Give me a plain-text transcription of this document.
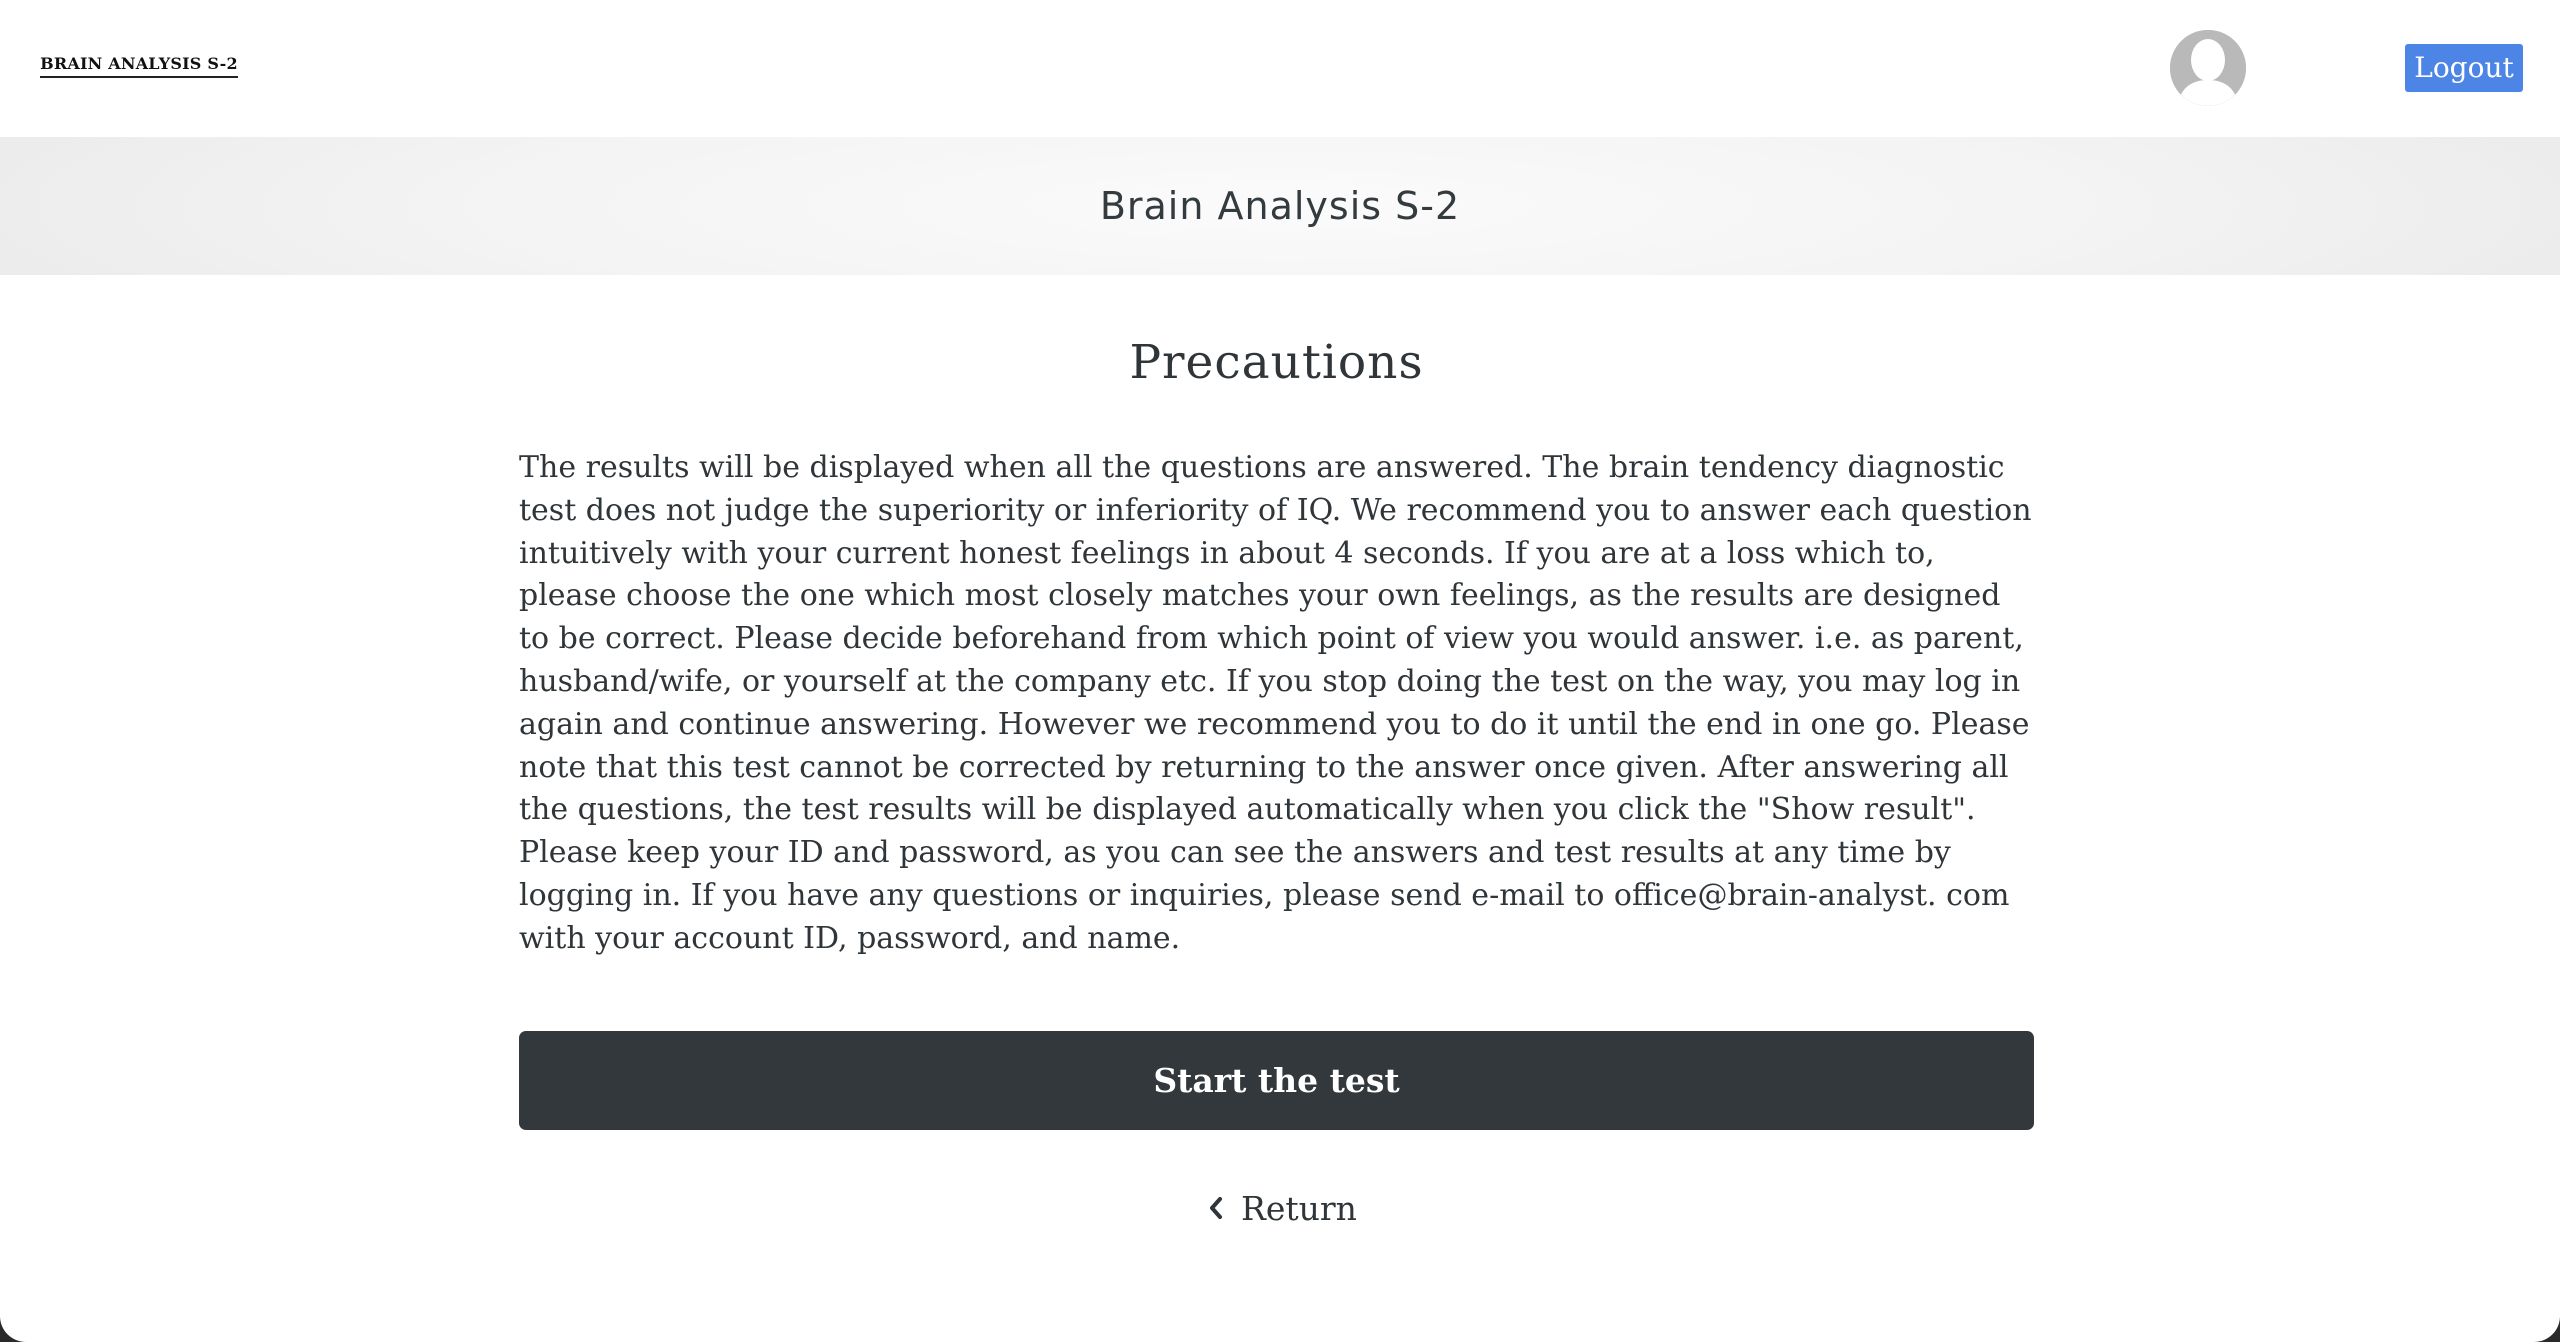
BRAIN ANALYSIS S-2	Logout
Brain Analysis S-2
Precautions

The results will be displayed when all the questions are answered. The brain tendency diagnostic test does not judge the superiority or inferiority of IQ. We recommend you to answer each question intuitively with your current honest feelings in about 4 seconds. If you are at a loss which to, please choose the one which most closely matches your own feelings, as the results are designed to be correct. Please decide beforehand from which point of view you would answer. i.e. as parent, husband/wife, or yourself at the company etc. If you stop doing the test on the way, you may log in again and continue answering. However we recommend you to do it until the end in one go. Please note that this test cannot be corrected by returning to the answer once given. After answering all the questions, the test results will be displayed automatically when you click the "Show result". Please keep your ID and password, as you can see the answers and test results at any time by logging in. If you have any questions or inquiries, please send e-mail to office@brain-analyst. com with your account ID, password, and name.

Start the test
Return
